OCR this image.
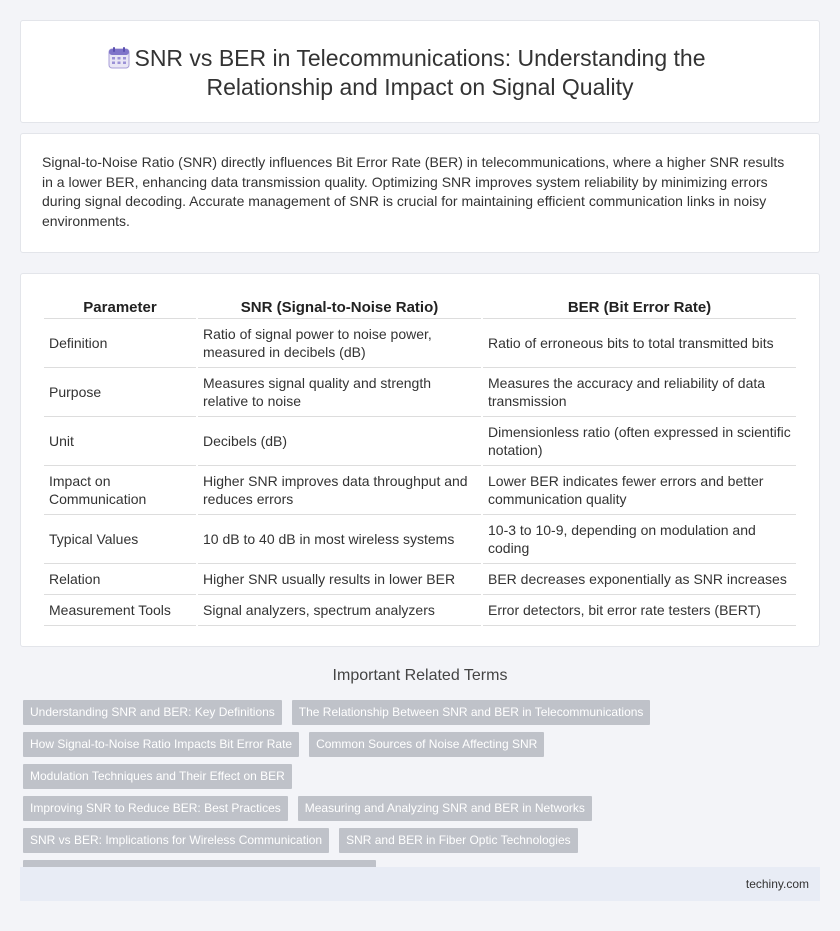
SNR vs BER in Telecommunications: Understanding the
Relationship and Impact on Signal Quality

Signal-to-Noise Ratio (SNR) directly influences Bit Error Rate (BER) in telecommunications, where a higher SNR results in a lower BER, enhancing data transmission quality. Optimizing SNR improves system reliability by minimizing errors during signal decoding. Accurate management of SNR is crucial for maintaining efficient communication links in noisy environments.

Parameter	SNR (Signal-to-Noise Ratio)	BER (Bit Error Rate)
Definition	Ratio of signal power to noise power, measured in decibels (dB)	Ratio of erroneous bits to total transmitted bits
Purpose	Measures signal quality and strength relative to noise	Measures the accuracy and reliability of data transmission
Unit	Decibels (dB)	Dimensionless ratio (often expressed in scientific notation)
Impact on Communication	Higher SNR improves data throughput and reduces errors	Lower BER indicates fewer errors and better communication quality
Typical Values	10 dB to 40 dB in most wireless systems	10-3 to 10-9, depending on modulation and coding
Relation	Higher SNR usually results in lower BER	BER decreases exponentially as SNR increases
Measurement Tools	Signal analyzers, spectrum analyzers	Error detectors, bit error rate testers (BERT)
Important Related Terms
Understanding SNR and BER: Key Definitions The Relationship Between SNR and BER in Telecommunications
How Signal-to-Noise Ratio Impacts Bit Error Rate Common Sources of Noise Affecting SNRModulation Techniques and Their Effect on BER
Improving SNR to Reduce BER: Best Practices Measuring and Analyzing SNR and BER in Networks
SNR vs BER: Implications for Wireless Communication SNR and BER in Fiber Optic Technologies

techiny.com
